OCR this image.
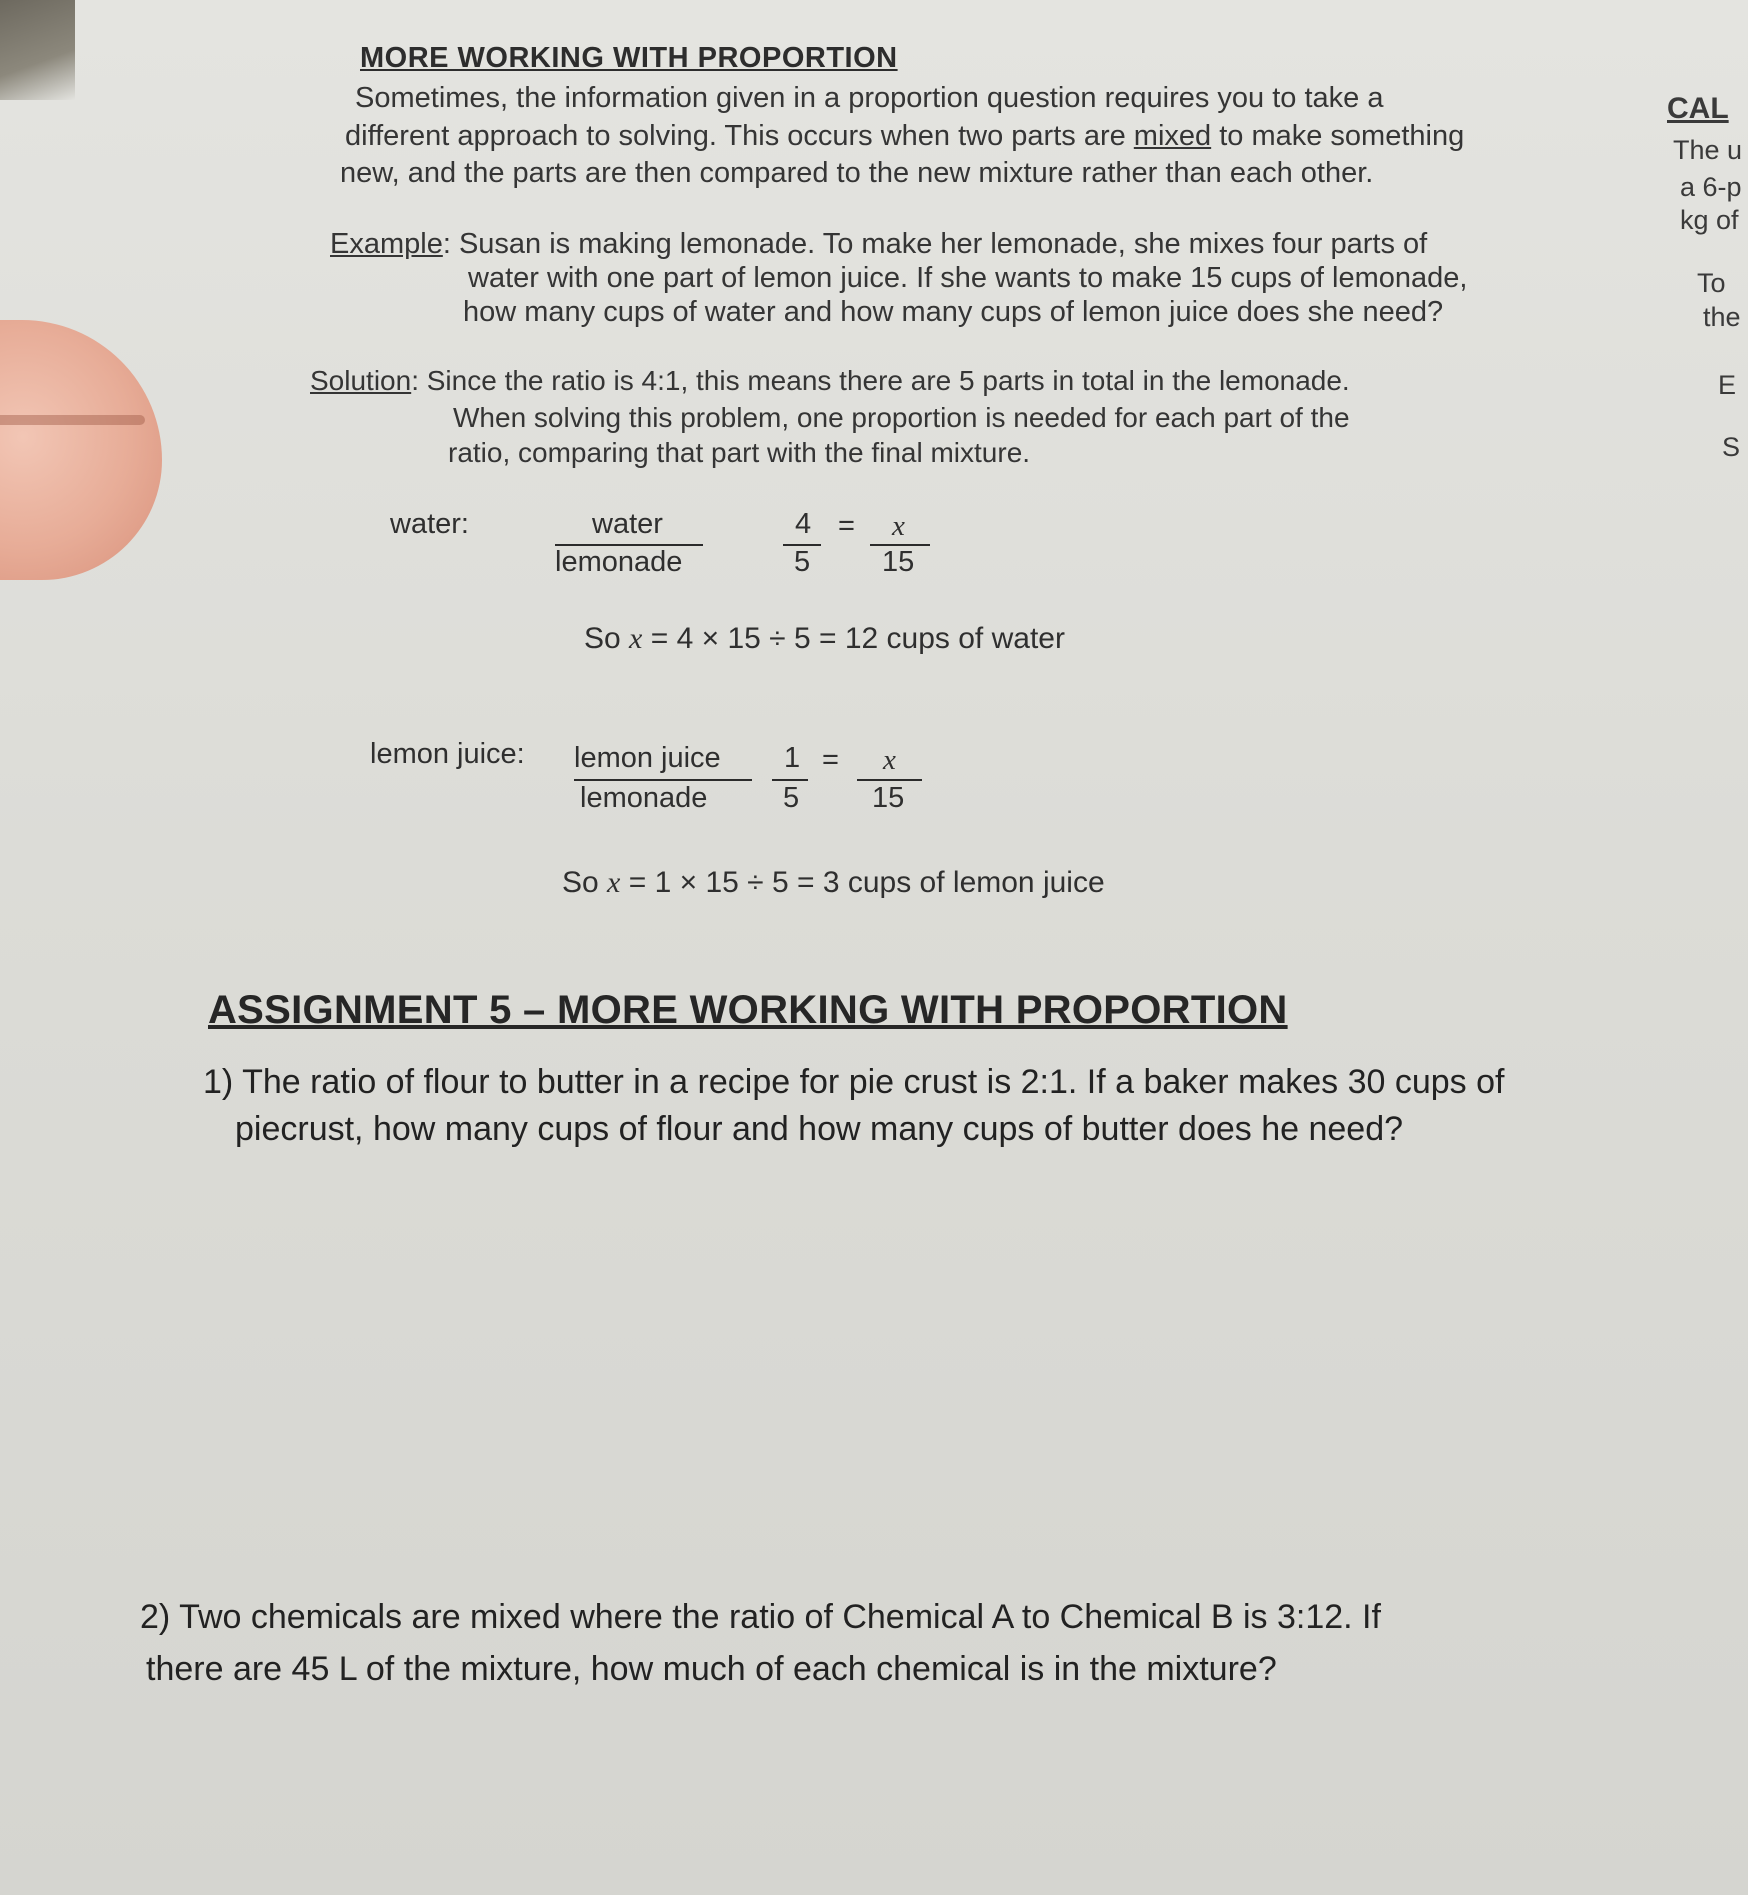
MORE WORKING WITH PROPORTION
Sometimes, the information given in a proportion question requires you to take a
different approach to solving. This occurs when two parts are mixed to make something
new, and the parts are then compared to the new mixture rather than each other.
Example: Susan is making lemonade. To make her lemonade, she mixes four parts of
water with one part of lemon juice. If she wants to make 15 cups of lemonade,
how many cups of water and how many cups of lemon juice does she need?
Solution: Since the ratio is 4:1, this means there are 5 parts in total in the lemonade.
When solving this problem, one proportion is needed for each part of the
ratio, comparing that part with the final mixture.
water:	water
lemonade
4
5
= x
15
So x = 4 × 15 ÷ 5 = 12 cups of water
lemon juice: lemon juice
lemonade
1
5
= x
15
So x = 1 × 15 ÷ 5 = 3 cups of lemon juice
ASSIGNMENT 5 – MORE WORKING WITH PROPORTION
1) The ratio of flour to butter in a recipe for pie crust is 2:1. If a baker makes 30 cups of
piecrust, how many cups of flour and how many cups of butter does he need?
2) Two chemicals are mixed where the ratio of Chemical A to Chemical B is 3:12. If
there are 45 L of the mixture, how much of each chemical is in the mixture?
CAL
The u
a 6-p
kg of
To
the
E
S
